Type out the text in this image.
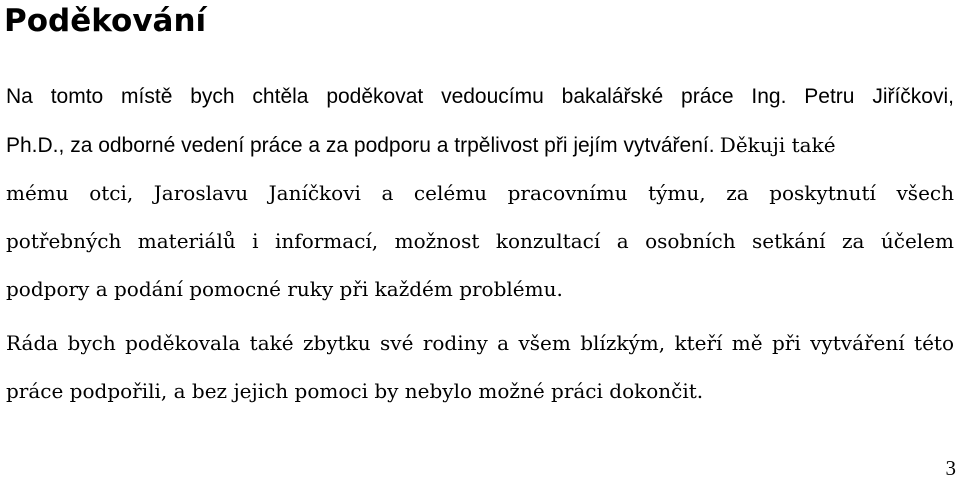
Poděkování

Na tomto místě bych chtěla poděkovat vedoucímu bakalářské práce Ing. Petru Jiříčkovi,

Ph.D., za odborné vedení práce a za podporu a trpělivost při jejím vytváření. Děkuji také

mému otci, Jaroslavu Janíčkovi a celému pracovnímu týmu, za poskytnutí všech

potřebných materiálů i informací, možnost konzultací a osobních setkání za účelem

podpory a podání pomocné ruky při každém problému.

Ráda bych poděkovala také zbytku své rodiny a všem blízkým, kteří mě při vytváření této

práce podpořili, a bez jejich pomoci by nebylo možné práci dokončit.

3
